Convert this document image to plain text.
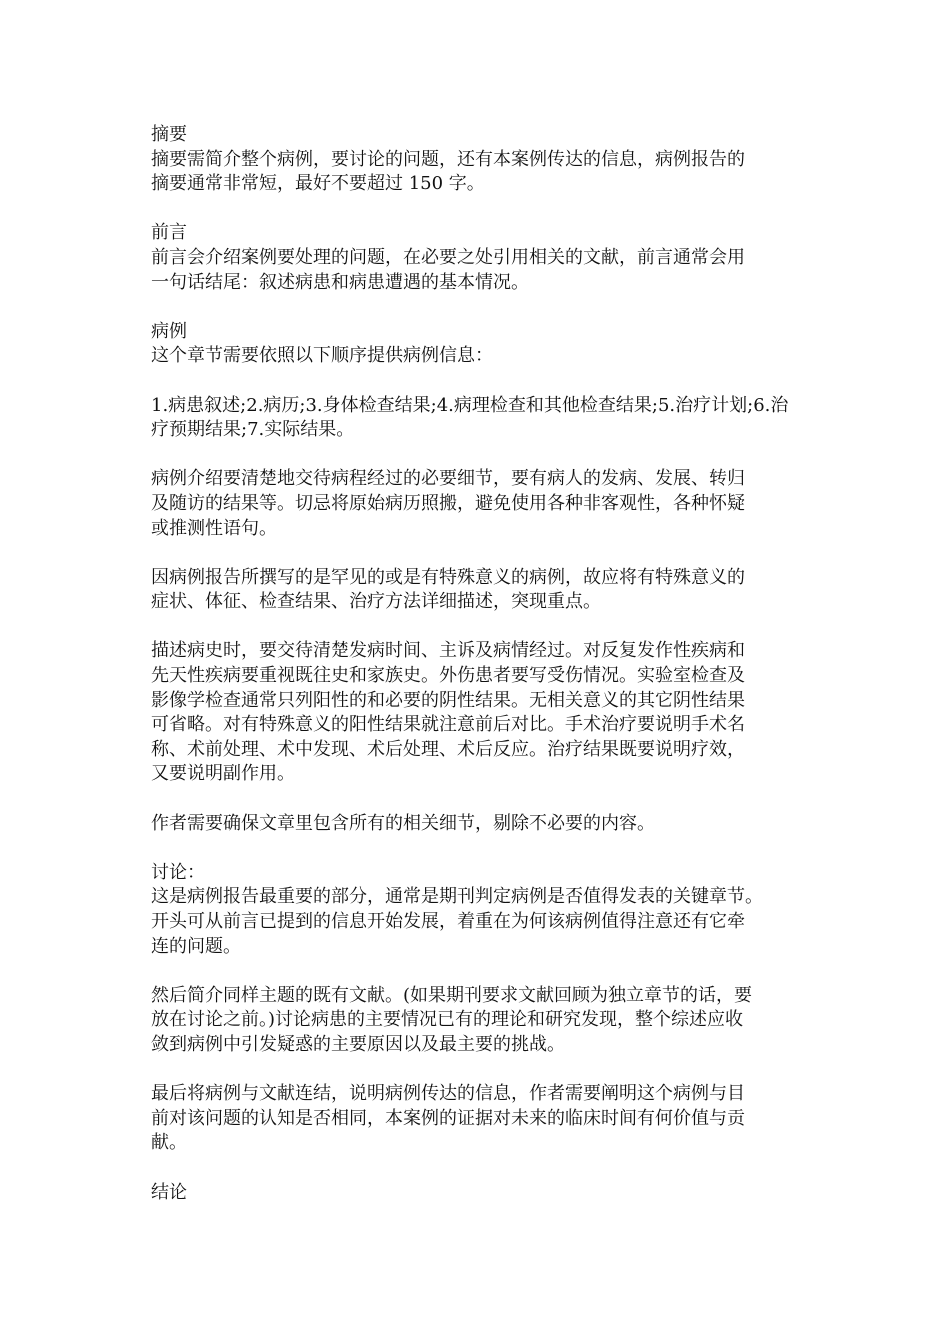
摘要
摘要需简介整个病例，要讨论的问题，还有本案例传达的信息，病例报告的
摘要通常非常短，最好不要超过 150 字。

前言
前言会介绍案例要处理的问题，在必要之处引用相关的文献，前言通常会用
一句话结尾：叙述病患和病患遭遇的基本情况。

病例
这个章节需要依照以下顺序提供病例信息：

1.病患叙述;2.病历;3.身体检查结果;4.病理检查和其他检查结果;5.治疗计划;6.治
疗预期结果;7.实际结果。

病例介绍要清楚地交待病程经过的必要细节，要有病人的发病、发展、转归
及随访的结果等。切忌将原始病历照搬，避免使用各种非客观性，各种怀疑
或推测性语句。

因病例报告所撰写的是罕见的或是有特殊意义的病例，故应将有特殊意义的
症状、体征、检查结果、治疗方法详细描述，突现重点。

描述病史时，要交待清楚发病时间、主诉及病情经过。对反复发作性疾病和
先天性疾病要重视既往史和家族史。外伤患者要写受伤情况。实验室检查及
影像学检查通常只列阳性的和必要的阴性结果。无相关意义的其它阴性结果
可省略。对有特殊意义的阳性结果就注意前后对比。手术治疗要说明手术名
称、术前处理、术中发现、术后处理、术后反应。治疗结果既要说明疗效，
又要说明副作用。

作者需要确保文章里包含所有的相关细节，剔除不必要的内容。

讨论：
这是病例报告最重要的部分，通常是期刊判定病例是否值得发表的关键章节。
开头可从前言已提到的信息开始发展，着重在为何该病例值得注意还有它牵
连的问题。

然后简介同样主题的既有文献。(如果期刊要求文献回顾为独立章节的话，要
放在讨论之前。)讨论病患的主要情况已有的理论和研究发现，整个综述应收
敛到病例中引发疑惑的主要原因以及最主要的挑战。

最后将病例与文献连结，说明病例传达的信息，作者需要阐明这个病例与目
前对该问题的认知是否相同，本案例的证据对未来的临床时间有何价值与贡
献。

结论
